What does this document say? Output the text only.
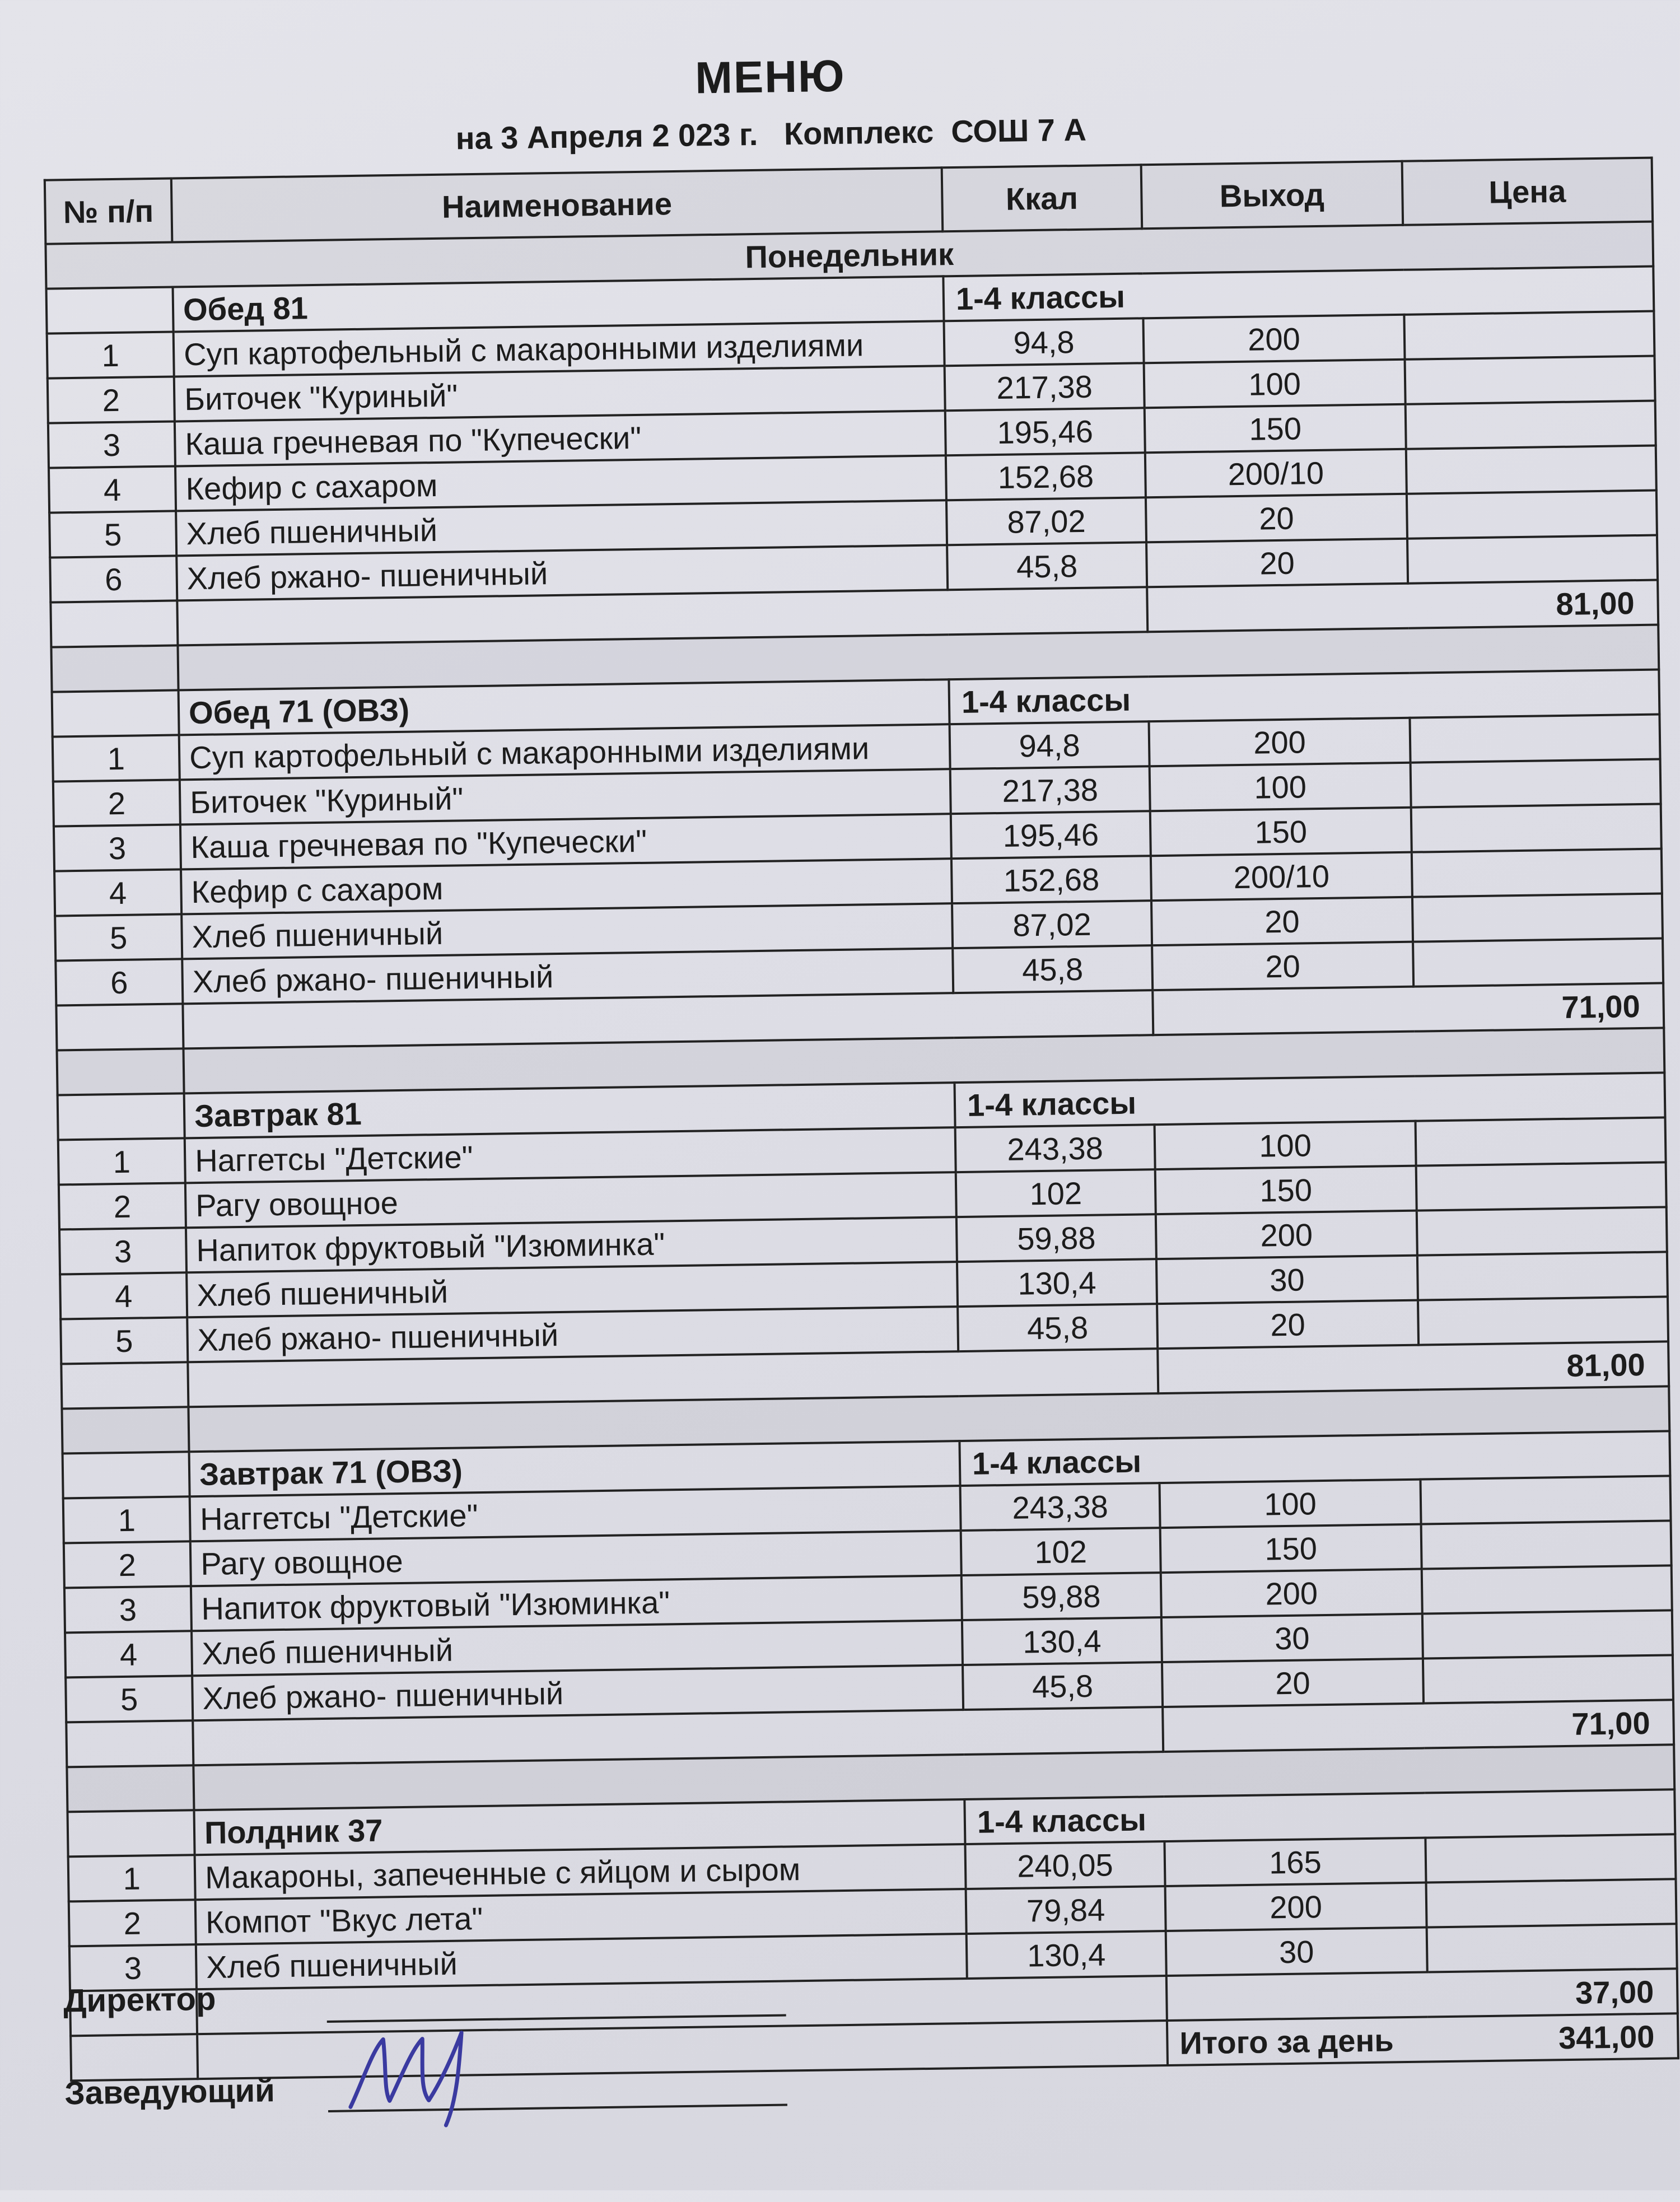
МЕНЮ
на 3 Апреля 2 023 г.   Комплекс  СОШ 7 А
№ п/п	Наименование	Ккал	Выход	Цена
Понедельник				
	Обед 81	1-4 классы		
1	Суп картофельный с макаронными изделиями	94,8	200	
2	Биточек "Куриный"	217,38	100	
3	Каша гречневая по "Купечески"	195,46	150	
4	Кефир с сахаром	152,68	200/10	
5	Хлеб пшеничный	87,02	20	
6	Хлеб ржано- пшеничный	45,8	20	
			81,00	

	Обед 71 (ОВЗ)	1-4 классы		
1	Суп картофельный с макаронными изделиями	94,8	200	
2	Биточек "Куриный"	217,38	100	
3	Каша гречневая по "Купечески"	195,46	150	
4	Кефир с сахаром	152,68	200/10	
5	Хлеб пшеничный	87,02	20	
6	Хлеб ржано- пшеничный	45,8	20	
			71,00	

	Завтрак 81	1-4 классы		
1	Наггетсы "Детские"	243,38	100	
2	Рагу овощное	102	150	
3	Напиток фруктовый "Изюминка"	59,88	200	
4	Хлеб пшеничный	130,4	30	
5	Хлеб ржано- пшеничный	45,8	20	
			81,00	

	Завтрак 71 (ОВЗ)	1-4 классы		
1	Наггетсы "Детские"	243,38	100	
2	Рагу овощное	102	150	
3	Напиток фруктовый "Изюминка"	59,88	200	
4	Хлеб пшеничный	130,4	30	
5	Хлеб ржано- пшеничный	45,8	20	
			71,00	

	Полдник 37	1-4 классы		
1	Макароны, запеченные с яйцом и сыром	240,05	165	
2	Компот "Вкус лета"	79,84	200	
3	Хлеб пшеничный	130,4	30	
			37,00	
			Итого за день 341,00	
Директор
Заведующий
